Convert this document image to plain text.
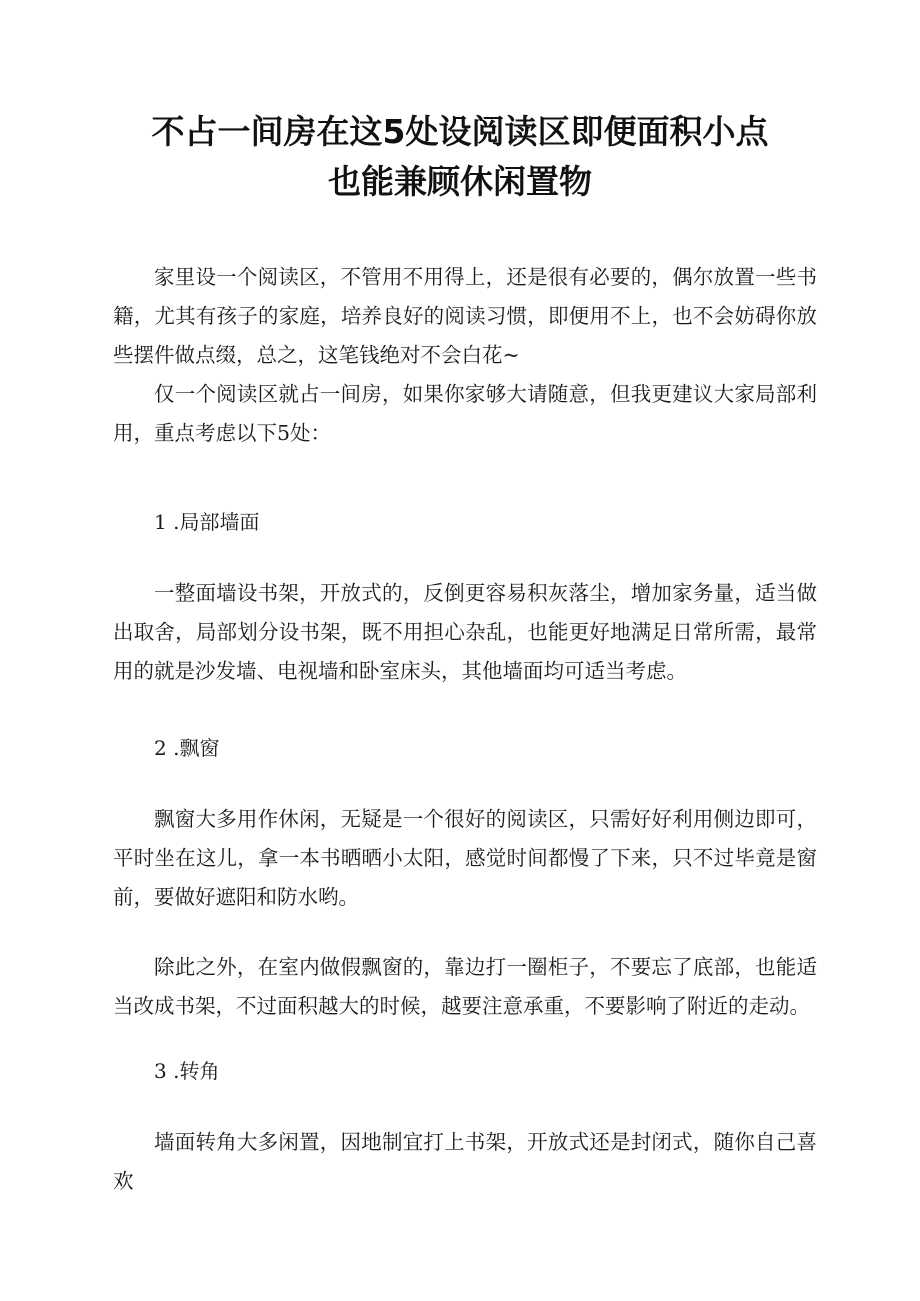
不占一间房在这5处设阅读区即便面积小点
也能兼顾休闲置物

家里设一个阅读区，不管用不用得上，还是很有必要的，偶尔放置一些书籍，尤其有孩子的家庭，培养良好的阅读习惯，即便用不上，也不会妨碍你放些摆件做点缀，总之，这笔钱绝对不会白花~

仅一个阅读区就占一间房，如果你家够大请随意，但我更建议大家局部利用，重点考虑以下5处：

1 .局部墙面

一整面墙设书架，开放式的，反倒更容易积灰落尘，增加家务量，适当做出取舍，局部划分设书架，既不用担心杂乱，也能更好地满足日常所需，最常用的就是沙发墙、电视墙和卧室床头，其他墙面均可适当考虑。

2 .飘窗

飘窗大多用作休闲，无疑是一个很好的阅读区，只需好好利用侧边即可，平时坐在这儿，拿一本书晒晒小太阳，感觉时间都慢了下来，只不过毕竟是窗前，要做好遮阳和防水哟。

除此之外，在室内做假飘窗的，靠边打一圈柜子，不要忘了底部，也能适当改成书架，不过面积越大的时候，越要注意承重，不要影响了附近的走动。

3 .转角

墙面转角大多闲置，因地制宜打上书架，开放式还是封闭式，随你自己喜欢
